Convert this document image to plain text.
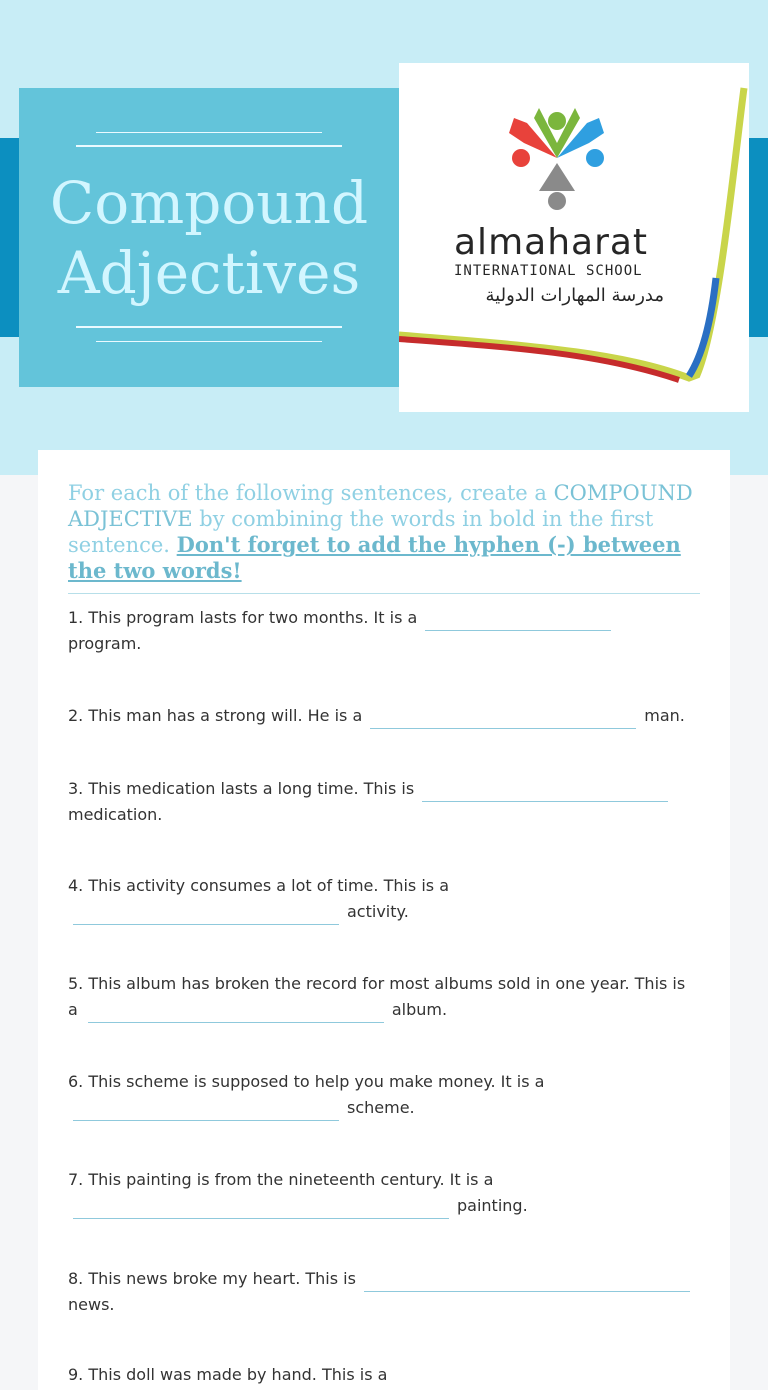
Compound
Adjectives	almaharat
INTERNATIONAL SCHOOL
مدرسة المهارات الدولية
For each of the following sentences, create a COMPOUND ADJECTIVE by combining the words in bold in the first sentence. Don't forget to add the hyphen (-) between the two words!
1. This program lasts for two months. It is a
program.
2. This man has a strong will. He is a	man.
3. This medication lasts a long time. This is
medication.
4. This activity consumes a lot of time. This is a
activity.
5. This album has broken the record for most albums sold in one year. This is a	album.
6. This scheme is supposed to help you make money. It is a
scheme.
7. This painting is from the nineteenth century. It is a
painting.
8. This news broke my heart. This is
news.
9. This doll was made by hand. This is a
